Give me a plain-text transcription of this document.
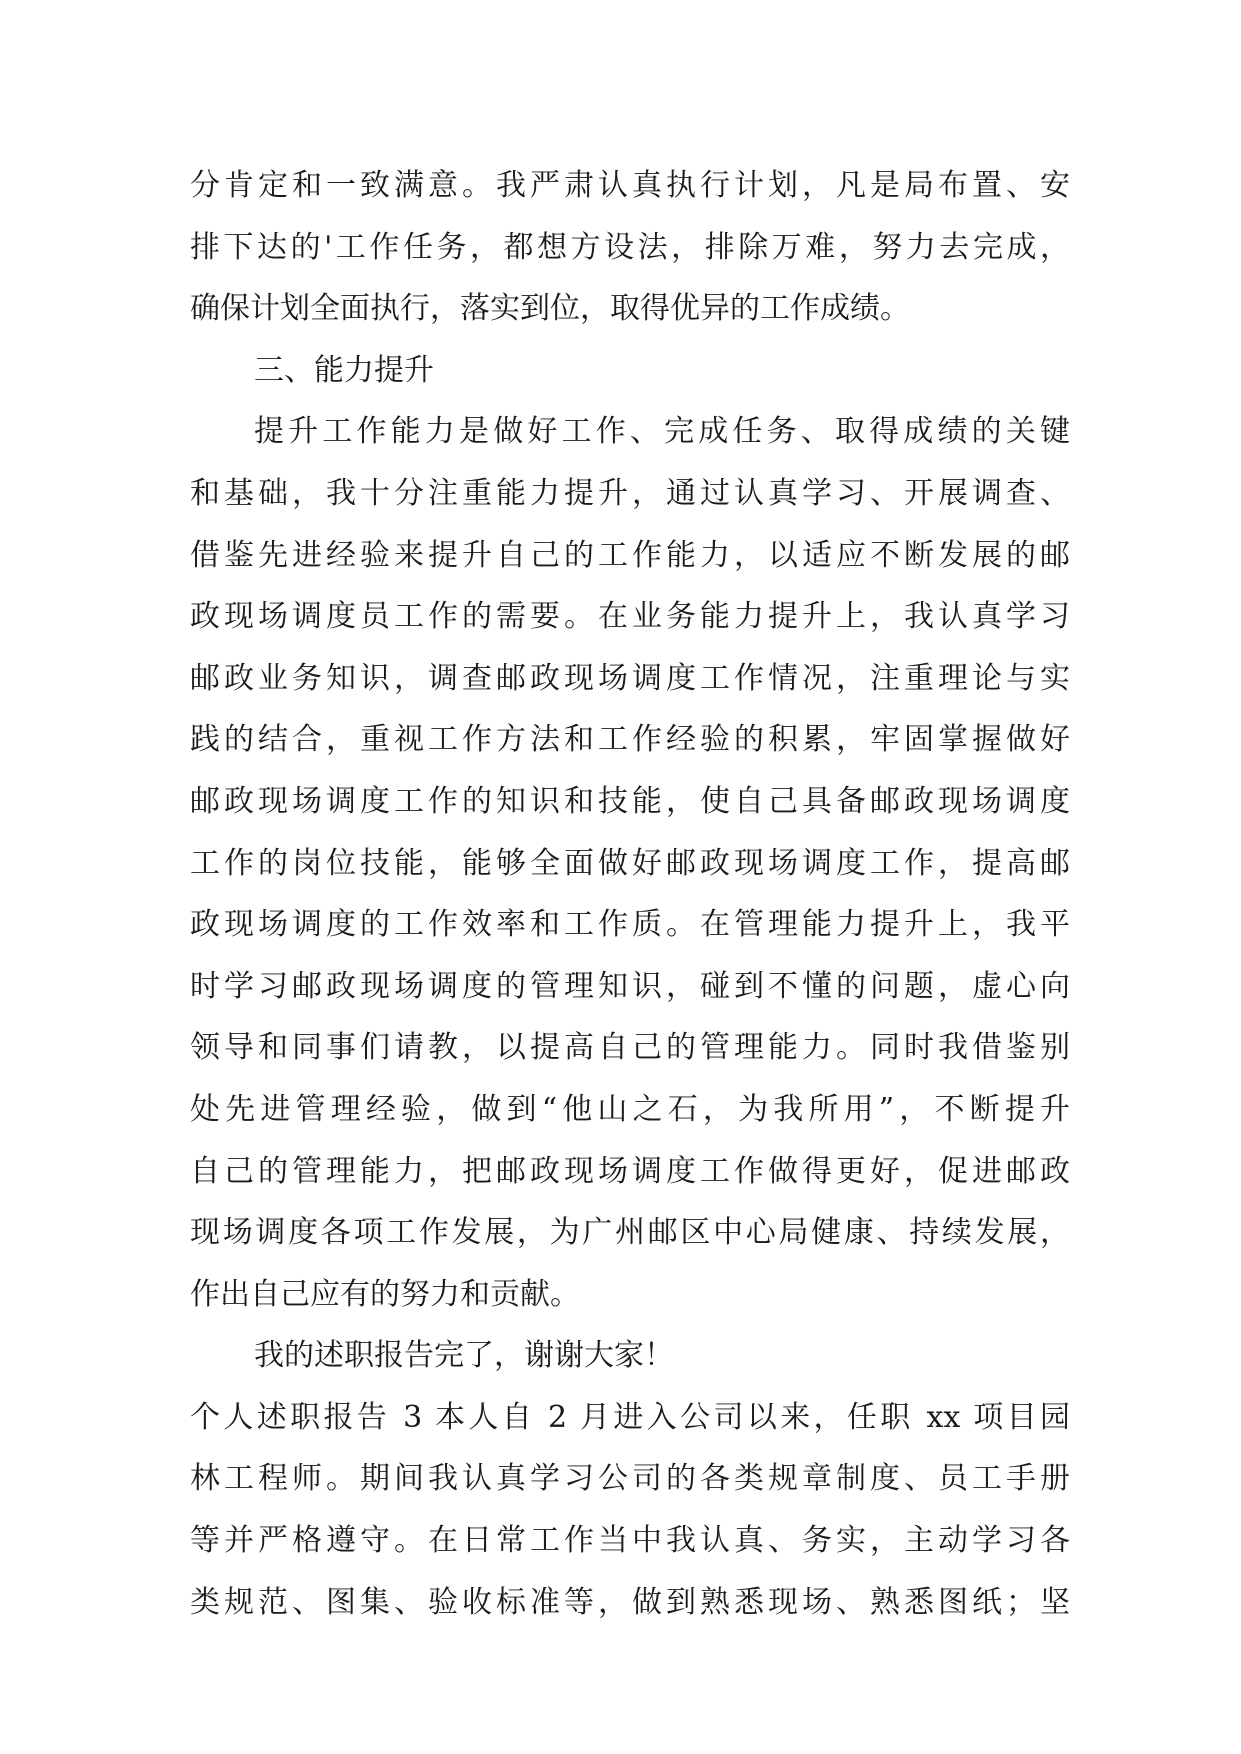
分肯定和一致满意。我严肃认真执行计划，凡是局布置、安
排下达的'工作任务，都想方设法，排除万难，努力去完成，
确保计划全面执行，落实到位，取得优异的工作成绩。
三、能力提升
提升工作能力是做好工作、完成任务、取得成绩的关键
和基础，我十分注重能力提升，通过认真学习、开展调查、
借鉴先进经验来提升自己的工作能力，以适应不断发展的邮
政现场调度员工作的需要。在业务能力提升上，我认真学习
邮政业务知识，调查邮政现场调度工作情况，注重理论与实
践的结合，重视工作方法和工作经验的积累，牢固掌握做好
邮政现场调度工作的知识和技能，使自己具备邮政现场调度
工作的岗位技能，能够全面做好邮政现场调度工作，提高邮
政现场调度的工作效率和工作质。在管理能力提升上，我平
时学习邮政现场调度的管理知识，碰到不懂的问题，虚心向
领导和同事们请教，以提高自己的管理能力。同时我借鉴别
处先进管理经验，做到“他山之石，为我所用”，不断提升
自己的管理能力，把邮政现场调度工作做得更好，促进邮政
现场调度各项工作发展，为广州邮区中心局健康、持续发展，
作出自己应有的努力和贡献。
我的述职报告完了，谢谢大家！
个人述职报告 3 本人自 2 月进入公司以来，任职 xx 项目园
林工程师。期间我认真学习公司的各类规章制度、员工手册
等并严格遵守。在日常工作当中我认真、务实，主动学习各
类规范、图集、验收标准等，做到熟悉现场、熟悉图纸；坚
